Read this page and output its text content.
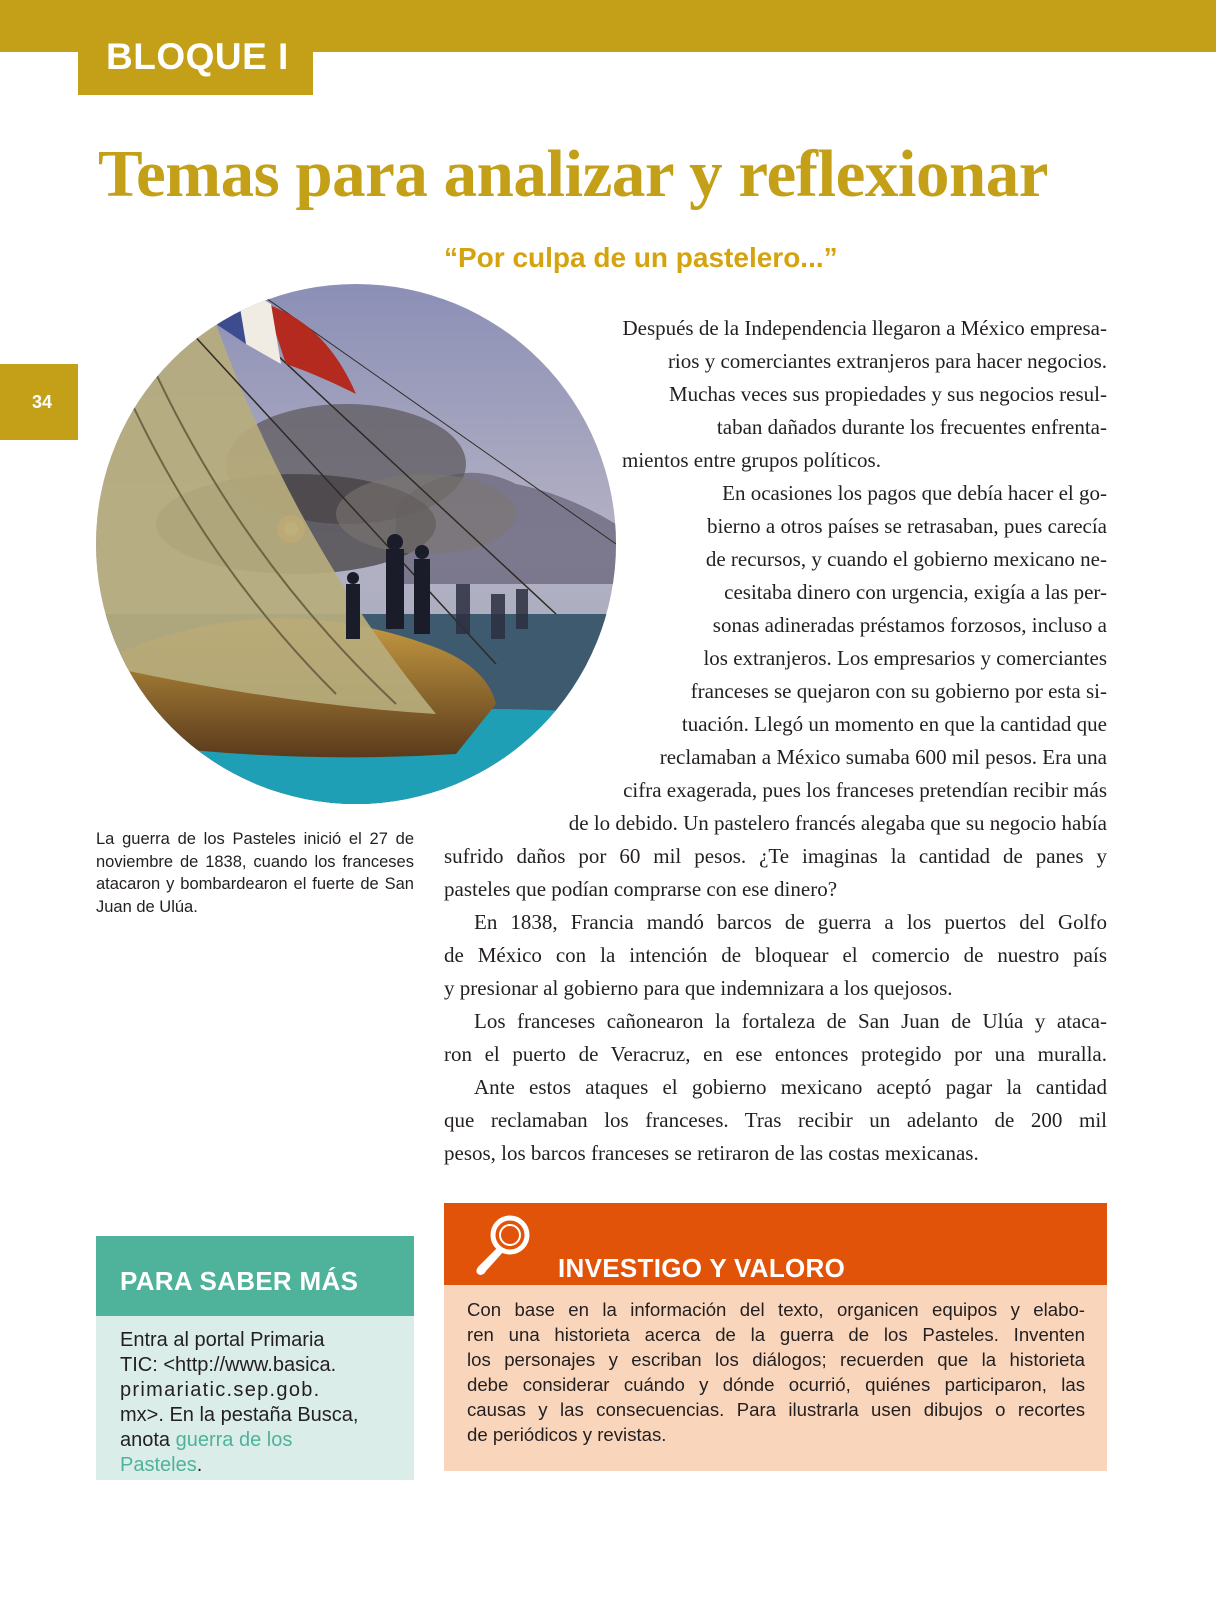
BLOQUE I
34
Temas para analizar y reflexionar
“Por culpa de un pastelero...”

La guerra de los Pasteles inició el 27 de noviembre de 1838, cuando los franceses atacaron y bombardearon el fuerte de San Juan de Ulúa.

Después de la Independencia llegaron a México empresa-
rios y comerciantes extranjeros para hacer negocios.
Muchas veces sus propiedades y sus negocios resul-
taban dañados durante los frecuentes enfrenta-
mientos entre grupos políticos.
En ocasiones los pagos que debía hacer el go-
bierno a otros países se retrasaban, pues carecía
de recursos, y cuando el gobierno mexicano ne-
cesitaba dinero con urgencia, exigía a las per-
sonas adineradas préstamos forzosos, incluso a
los extranjeros. Los empresarios y comerciantes
franceses se quejaron con su gobierno por esta si-
tuación. Llegó un momento en que la cantidad que
reclamaban a México sumaba 600 mil pesos. Era una
cifra exagerada, pues los franceses pretendían recibir más
de lo debido. Un pastelero francés alegaba que su negocio había
sufrido daños por 60 mil pesos. ¿Te imaginas la cantidad de panes y
pasteles que podían comprarse con ese dinero?
En 1838, Francia mandó barcos de guerra a los puertos del Golfo
de México con la intención de bloquear el comercio de nuestro país
y presionar al gobierno para que indemnizara a los quejosos.
Los franceses cañonearon la fortaleza de San Juan de Ulúa y ataca-
ron el puerto de Veracruz, en ese entonces protegido por una muralla.
Ante estos ataques el gobierno mexicano aceptó pagar la cantidad
que reclamaban los franceses. Tras recibir un adelanto de 200 mil
pesos, los barcos franceses se retiraron de las costas mexicanas.
PARA SABER MÁS
Entra al portal Primaria
TIC: <http://www.basica.
primariatic.sep.gob.
mx>. En la pestaña Busca,
anota guerra de los
Pasteles.
INVESTIGO Y VALORO
Con base en la información del texto, organicen equipos y elabo-
ren una historieta acerca de la guerra de los Pasteles. Inventen
los personajes y escriban los diálogos; recuerden que la historieta
debe considerar cuándo y dónde ocurrió, quiénes participaron, las
causas y las consecuencias. Para ilustrarla usen dibujos o recortes
de periódicos y revistas.
